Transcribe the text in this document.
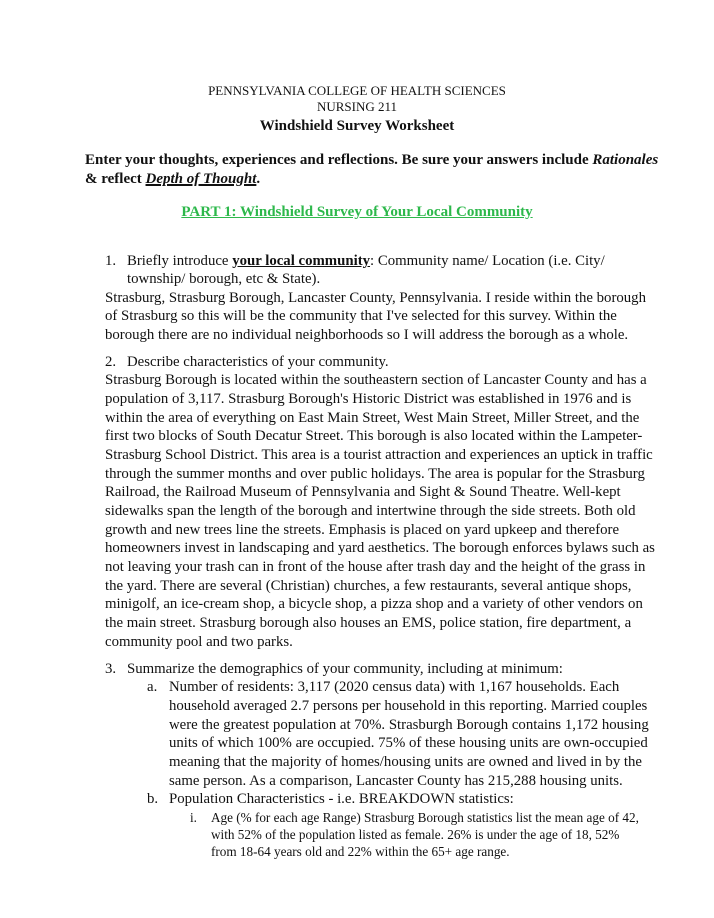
PENNSYLVANIA COLLEGE OF HEALTH SCIENCES
NURSING 211
Windshield Survey Worksheet
Enter your thoughts, experiences and reflections. Be sure your answers include Rationales
& reflect Depth of Thought.
PART 1: Windshield Survey of Your Local Community
1. Briefly introduce your local community: Community name/ Location (i.e. City/
township/ borough, etc & State).
Strasburg, Strasburg Borough, Lancaster County, Pennsylvania. I reside within the borough
of Strasburg so this will be the community that I've selected for this survey. Within the
borough there are no individual neighborhoods so I will address the borough as a whole.
2. Describe characteristics of your community.
Strasburg Borough is located within the southeastern section of Lancaster County and has a
population of 3,117. Strasburg Borough's Historic District was established in 1976 and is
within the area of everything on East Main Street, West Main Street, Miller Street, and the
first two blocks of South Decatur Street. This borough is also located within the Lampeter-
Strasburg School District. This area is a tourist attraction and experiences an uptick in traffic
through the summer months and over public holidays. The area is popular for the Strasburg
Railroad, the Railroad Museum of Pennsylvania and Sight & Sound Theatre. Well-kept
sidewalks span the length of the borough and intertwine through the side streets. Both old
growth and new trees line the streets. Emphasis is placed on yard upkeep and therefore
homeowners invest in landscaping and yard aesthetics. The borough enforces bylaws such as
not leaving your trash can in front of the house after trash day and the height of the grass in
the yard. There are several (Christian) churches, a few restaurants, several antique shops,
minigolf, an ice-cream shop, a bicycle shop, a pizza shop and a variety of other vendors on
the main street. Strasburg borough also houses an EMS, police station, fire department, a
community pool and two parks.
3. Summarize the demographics of your community, including at minimum:
a. Number of residents: 3,117 (2020 census data) with 1,167 households. Each
household averaged 2.7 persons per household in this reporting. Married couples
were the greatest population at 70%. Strasburgh Borough contains 1,172 housing
units of which 100% are occupied. 75% of these housing units are own-occupied
meaning that the majority of homes/housing units are owned and lived in by the
same person. As a comparison, Lancaster County has 215,288 housing units.
b. Population Characteristics - i.e. BREAKDOWN statistics:
i. Age (% for each age Range) Strasburg Borough statistics list the mean age of 42,
with 52% of the population listed as female. 26% is under the age of 18, 52%
from 18-64 years old and 22% within the 65+ age range.
